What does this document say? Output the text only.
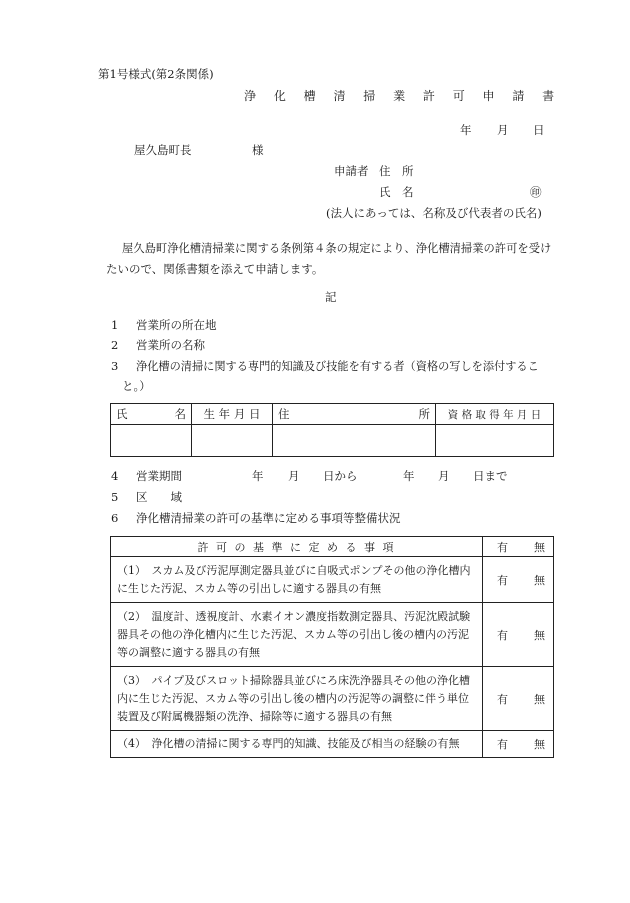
第1号様式(第2条関係)
浄 化 槽 清 掃 業 許 可 申 請 書
年 月 日
屋久島町長	様
申請者 住　所
氏　名	㊞
(法人にあっては、名称及び代表者の氏名)
屋久島町浄化槽清掃業に関する条例第４条の規定により、浄化槽清掃業の許可を受け
たいので、関係書類を添えて申請します。
記
1 営業所の所在地
2 営業所の名称
3 浄化槽の清掃に関する専門的知識及び技能を有する者（資格の写しを添付するこ
と。）
氏 名	生 年 月 日	住 所	資 格 取 得 年 月 日

4 営業期間	年 月 日から	年 月 日まで
5 区　　域
6 浄化槽清掃業の許可の基準に定める事項等整備状況
許 可 の 基 準 に 定 め る 事 項	有 無

（1）　スカム及び汚泥厚測定器具並びに自吸式ポンプその他の浄化槽内に生じた汚泥、スカム等の引出しに適する器具の有無	有 無

（2）　温度計、透視度計、水素イオン濃度指数測定器具、汚泥沈殿試験器具その他の浄化槽内に生じた汚泥、スカム等の引出し後の槽内の汚泥等の調整に適する器具の有無	有 無

（3）　パイプ及びスロット掃除器具並びにろ床洗浄器具その他の浄化槽内に生じた汚泥、スカム等の引出し後の槽内の汚泥等の調整に伴う単位装置及び附属機器類の洗浄、掃除等に適する器具の有無	有 無

（4）　浄化槽の清掃に関する専門的知識、技能及び相当の経験の有無	有 無
